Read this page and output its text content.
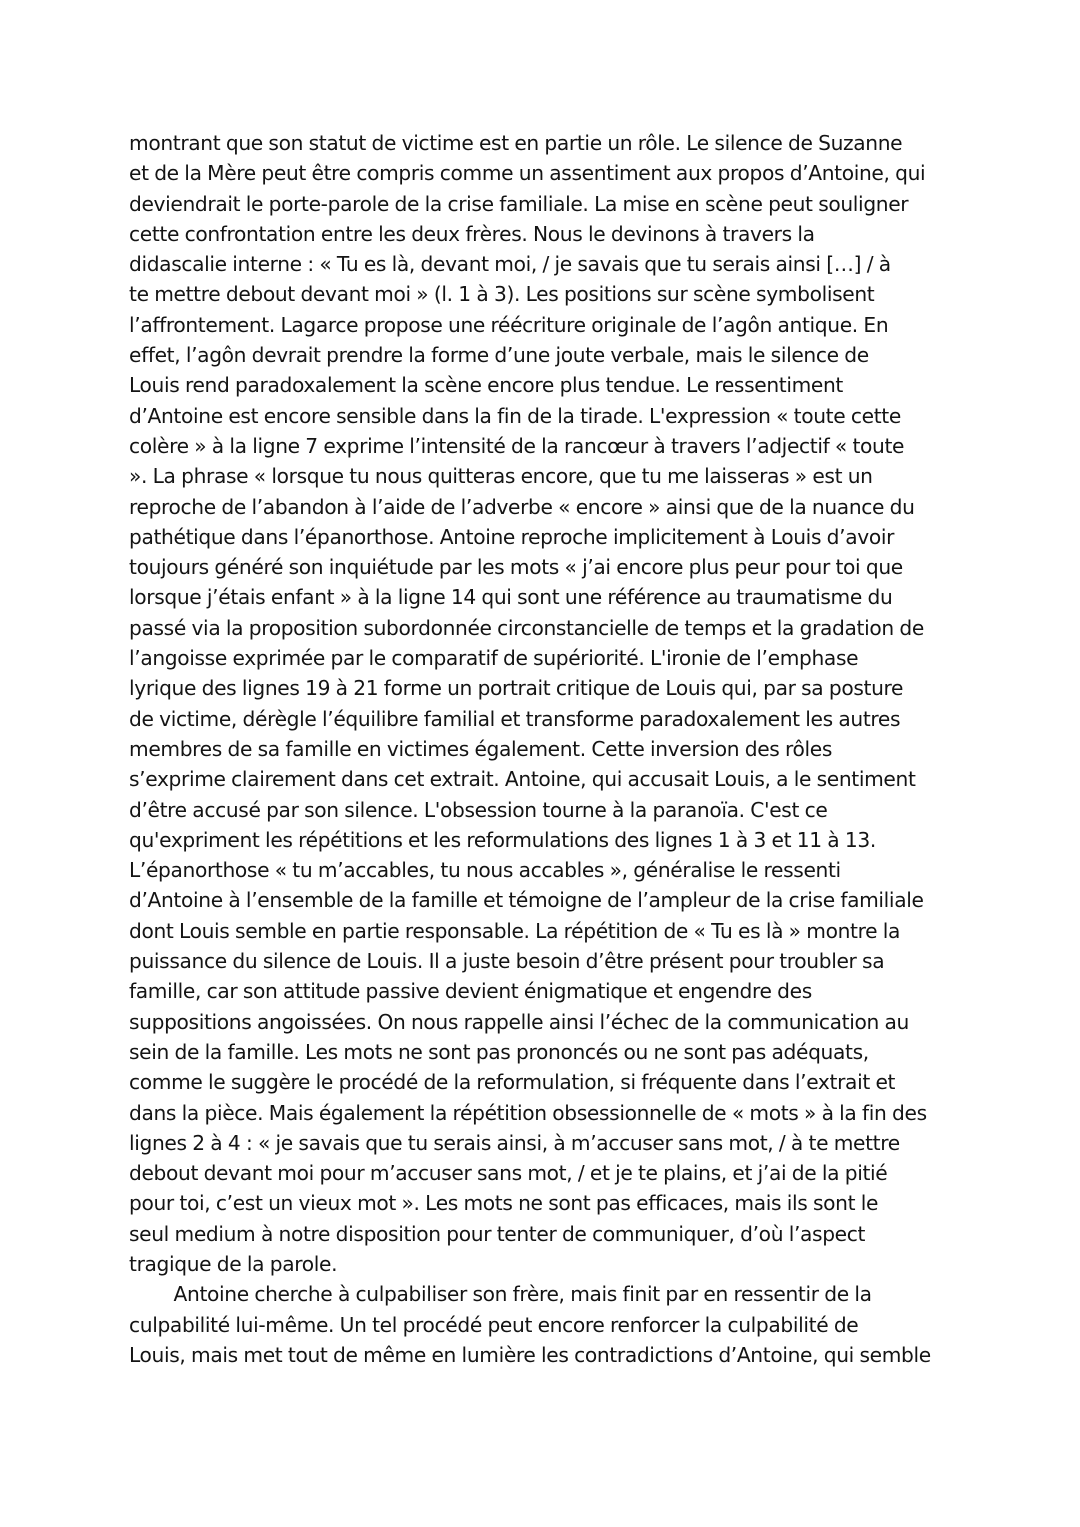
montrant que son statut de victime est en partie un rôle. Le silence de Suzanne
et de la Mère peut être compris comme un assentiment aux propos d’Antoine, qui
deviendrait le porte-parole de la crise familiale. La mise en scène peut souligner
cette confrontation entre les deux frères. Nous le devinons à travers la
didascalie interne : « Tu es là, devant moi, / je savais que tu serais ainsi […] / à
te mettre debout devant moi » (l. 1 à 3). Les positions sur scène symbolisent
l’affrontement. Lagarce propose une réécriture originale de l’agôn antique. En
effet, l’agôn devrait prendre la forme d’une joute verbale, mais le silence de
Louis rend paradoxalement la scène encore plus tendue. Le ressentiment
d’Antoine est encore sensible dans la fin de la tirade. L'expression « toute cette
colère » à la ligne 7 exprime l’intensité de la rancœur à travers l’adjectif « toute
». La phrase « lorsque tu nous quitteras encore, que tu me laisseras » est un
reproche de l’abandon à l’aide de l’adverbe « encore » ainsi que de la nuance du
pathétique dans l’épanorthose. Antoine reproche implicitement à Louis d’avoir
toujours généré son inquiétude par les mots « j’ai encore plus peur pour toi que
lorsque j’étais enfant » à la ligne 14 qui sont une référence au traumatisme du
passé via la proposition subordonnée circonstancielle de temps et la gradation de
l’angoisse exprimée par le comparatif de supériorité. L'ironie de l’emphase
lyrique des lignes 19 à 21 forme un portrait critique de Louis qui, par sa posture
de victime, dérègle l’équilibre familial et transforme paradoxalement les autres
membres de sa famille en victimes également. Cette inversion des rôles
s’exprime clairement dans cet extrait. Antoine, qui accusait Louis, a le sentiment
d’être accusé par son silence. L'obsession tourne à la paranoïa. C'est ce
qu'expriment les répétitions et les reformulations des lignes 1 à 3 et 11 à 13.
L’épanorthose « tu m’accables, tu nous accables », généralise le ressenti
d’Antoine à l’ensemble de la famille et témoigne de l’ampleur de la crise familiale
dont Louis semble en partie responsable. La répétition de « Tu es là » montre la
puissance du silence de Louis. Il a juste besoin d’être présent pour troubler sa
famille, car son attitude passive devient énigmatique et engendre des
suppositions angoissées. On nous rappelle ainsi l’échec de la communication au
sein de la famille. Les mots ne sont pas prononcés ou ne sont pas adéquats,
comme le suggère le procédé de la reformulation, si fréquente dans l’extrait et
dans la pièce. Mais également la répétition obsessionnelle de « mots » à la fin des
lignes 2 à 4 : « je savais que tu serais ainsi, à m’accuser sans mot, / à te mettre
debout devant moi pour m’accuser sans mot, / et je te plains, et j’ai de la pitié
pour toi, c’est un vieux mot ». Les mots ne sont pas efficaces, mais ils sont le
seul medium à notre disposition pour tenter de communiquer, d’où l’aspect
tragique de la parole.
Antoine cherche à culpabiliser son frère, mais finit par en ressentir de la
culpabilité lui-même. Un tel procédé peut encore renforcer la culpabilité de
Louis, mais met tout de même en lumière les contradictions d’Antoine, qui semble
